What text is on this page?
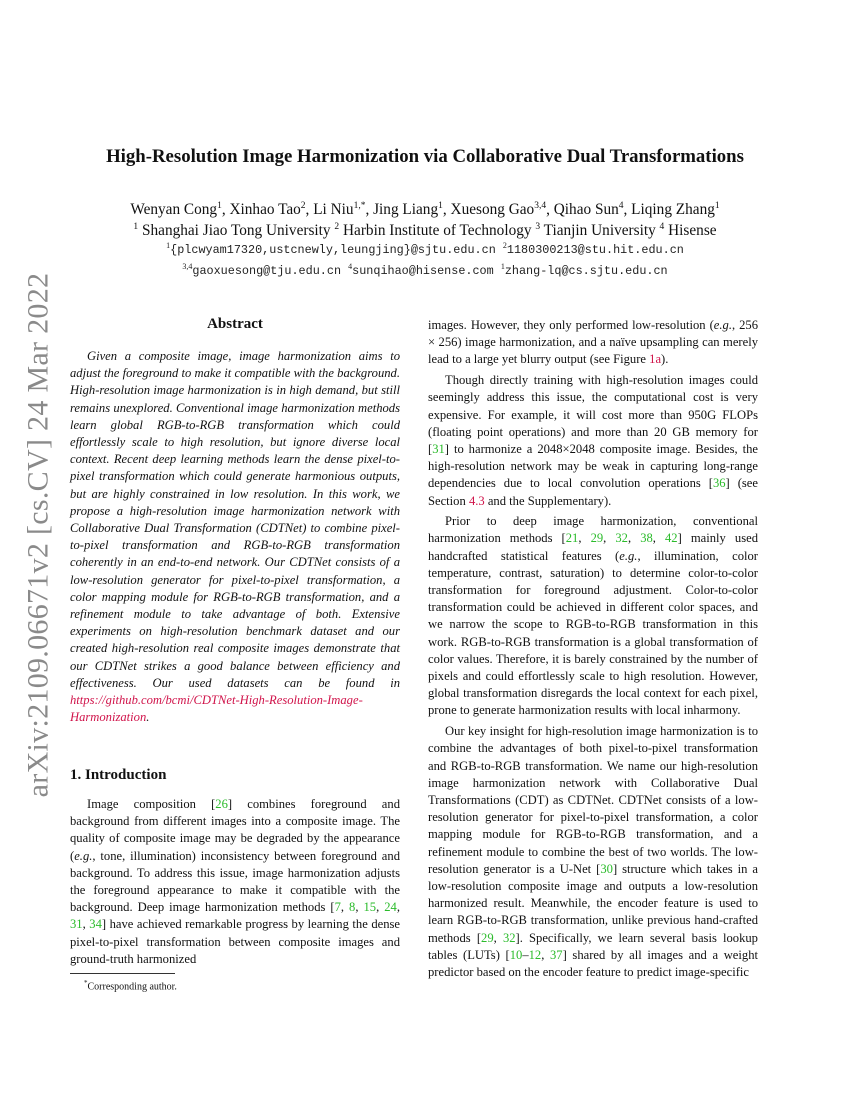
arXiv:2109.06671v2 [cs.CV] 24 Mar 2022
High-Resolution Image Harmonization via Collaborative Dual Transformations
Wenyan Cong$^1$, Xinhao Tao$^2$, Li Niu$^{1,*}$, Jing Liang$^1$, Xuesong Gao$^{3,4}$, Qihao Sun$^4$, Liqing Zhang$^1$
$^1$ Shanghai Jiao Tong University $^2$ Harbin Institute of Technology $^3$ Tianjin University $^4$ Hisense
$^1${plcwyam17320,ustcnewly,leungjing}@sjtu.edu.cn $^2$1180300213@stu.hit.edu.cn
$^{3,4}$gaoxuesong@tju.edu.cn $^4$sunqihao@hisense.com $^1$zhang-lq@cs.sjtu.edu.cn
Abstract

Given a composite image, image harmonization aims to adjust the foreground to make it compatible with the background. High-resolution image harmonization is in high demand, but still remains unexplored. Conventional image harmonization methods learn global RGB-to-RGB transformation which could effortlessly scale to high resolution, but ignore diverse local context. Recent deep learning methods learn the dense pixel-to-pixel transformation which could generate harmonious outputs, but are highly constrained in low resolution. In this work, we propose a high-resolution image harmonization network with Collaborative Dual Transformation (CDTNet) to combine pixel-to-pixel transformation and RGB-to-RGB transformation coherently in an end-to-end network. Our CDTNet consists of a low-resolution generator for pixel-to-pixel transformation, a color mapping module for RGB-to-RGB transformation, and a refinement module to take advantage of both. Extensive experiments on high-resolution benchmark dataset and our created high-resolution real composite images demonstrate that our CDTNet strikes a good balance between efficiency and effectiveness. Our used datasets can be found in https://github.com/bcmi/CDTNet-High-Resolution-Image-Harmonization.

1. Introduction

Image composition [26] combines foreground and background from different images into a composite image. The quality of composite image may be degraded by the appearance (e.g., tone, illumination) inconsistency between foreground and background. To address this issue, image harmonization adjusts the foreground appearance to make it compatible with the background. Deep image harmonization methods [7, 8, 15, 24, 31, 34] have achieved remarkable progress by learning the dense pixel-to-pixel transformation between composite images and ground-truth harmonized

*Corresponding author.

images. However, they only performed low-resolution (e.g., 256 × 256) image harmonization, and a naïve upsampling can merely lead to a large yet blurry output (see Figure 1a).

Though directly training with high-resolution images could seemingly address this issue, the computational cost is very expensive. For example, it will cost more than 950G FLOPs (floating point operations) and more than 20 GB memory for [31] to harmonize a 2048×2048 composite image. Besides, the high-resolution network may be weak in capturing long-range dependencies due to local convolution operations [36] (see Section 4.3 and the Supplementary).

Prior to deep image harmonization, conventional harmonization methods [21, 29, 32, 38, 42] mainly used handcrafted statistical features (e.g., illumination, color temperature, contrast, saturation) to determine color-to-color transformation for foreground adjustment. Color-to-color transformation could be achieved in different color spaces, and we narrow the scope to RGB-to-RGB transformation in this work. RGB-to-RGB transformation is a global transformation of color values. Therefore, it is barely constrained by the number of pixels and could effortlessly scale to high resolution. However, global transformation disregards the local context for each pixel, prone to generate harmonization results with local inharmony.

Our key insight for high-resolution image harmonization is to combine the advantages of both pixel-to-pixel transformation and RGB-to-RGB transformation. We name our high-resolution image harmonization network with Collaborative Dual Transformations (CDT) as CDTNet. CDTNet consists of a low-resolution generator for pixel-to-pixel transformation, a color mapping module for RGB-to-RGB transformation, and a refinement module to combine the best of two worlds. The low-resolution generator is a U-Net [30] structure which takes in a low-resolution composite image and outputs a low-resolution harmonized result. Meanwhile, the encoder feature is used to learn RGB-to-RGB transformation, unlike previous hand-crafted methods [29, 32]. Specifically, we learn several basis lookup tables (LUTs) [10–12, 37] shared by all images and a weight predictor based on the encoder feature to predict image-specific
